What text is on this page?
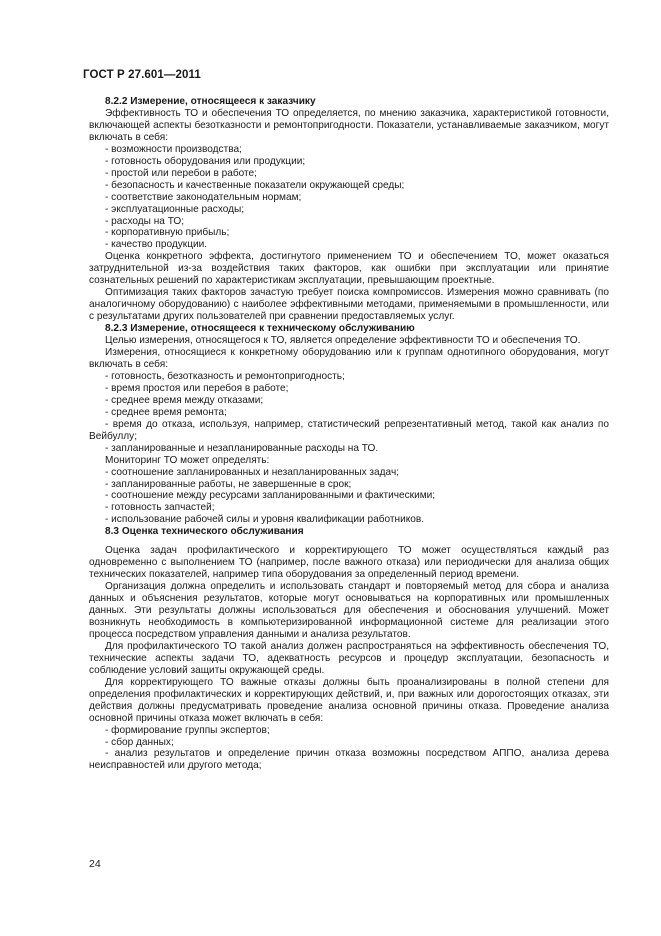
ГОСТ Р 27.601—2011

8.2.2 Измерение, относящееся к заказчику

Эффективность ТО и обеспечения ТО определяется, по мнению заказчика, характеристикой готовности, включающей аспекты безотказности и ремонтопригодности. Показатели, устанавливаемые заказчиком, могут включать в себя:

- возможности производства;

- готовность оборудования или продукции;

- простой или перебои в работе;

- безопасность и качественные показатели окружающей среды;

- соответствие законодательным нормам;

- эксплуатационные расходы;

- расходы на ТО;

- корпоративную прибыль;

- качество продукции.

Оценка конкретного эффекта, достигнутого применением ТО и обеспечением ТО, может оказаться затруднительной из-за воздействия таких факторов, как ошибки при эксплуатации или принятие сознательных решений по характеристикам эксплуатации, превышающим проектные.

Оптимизация таких факторов зачастую требует поиска компромиссов. Измерения можно сравнивать (по аналогичному оборудованию) с наиболее эффективными методами, применяемыми в промышленности, или с результатами других пользователей при сравнении предоставляемых услуг.

8.2.3 Измерение, относящееся к техническому обслуживанию

Целью измерения, относящегося к ТО, является определение эффективности ТО и обеспечения ТО.

Измерения, относящиеся к конкретному оборудованию или к группам однотипного оборудования, могут включать в себя:

- готовность, безотказность и ремонтопригодность;

- время простоя или перебоя в работе;

- среднее время между отказами;

- среднее время ремонта;

- время до отказа, используя, например, статистический репрезентативный метод, такой как анализ по Вейбуллу;

- запланированные и незапланированные расходы на ТО.

Мониторинг ТО может определять:

- соотношение запланированных и незапланированных задач;

- запланированные работы, не завершенные в срок;

- соотношение между ресурсами запланированными и фактическими;

- готовность запчастей;

- использование рабочей силы и уровня квалификации работников.

8.3 Оценка технического обслуживания

Оценка задач профилактического и корректирующего ТО может осуществляться каждый раз одновременно с выполнением ТО (например, после важного отказа) или периодически для анализа общих технических показателей, например типа оборудования за определенный период времени.

Организация должна определить и использовать стандарт и повторяемый метод для сбора и анализа данных и объяснения результатов, которые могут основываться на корпоративных или промышленных данных. Эти результаты должны использоваться для обеспечения и обоснования улучшений. Может возникнуть необходимость в компьютеризированной информационной системе для реализации этого процесса посредством управления данными и анализа результатов.

Для профилактического ТО такой анализ должен распространяться на эффективность обеспечения ТО, технические аспекты задачи ТО, адекватность ресурсов и процедур эксплуатации, безопасность и соблюдение условий защиты окружающей среды.

Для корректирующего ТО важные отказы должны быть проанализированы в полной степени для определения профилактических и корректирующих действий, и, при важных или дорогостоящих отказах, эти действия должны предусматривать проведение анализа основной причины отказа. Проведение анализа основной причины отказа может включать в себя:

- формирование группы экспертов;

- сбор данных;

- анализ результатов и определение причин отказа возможны посредством АППО, анализа дерева неисправностей или другого метода;

24
